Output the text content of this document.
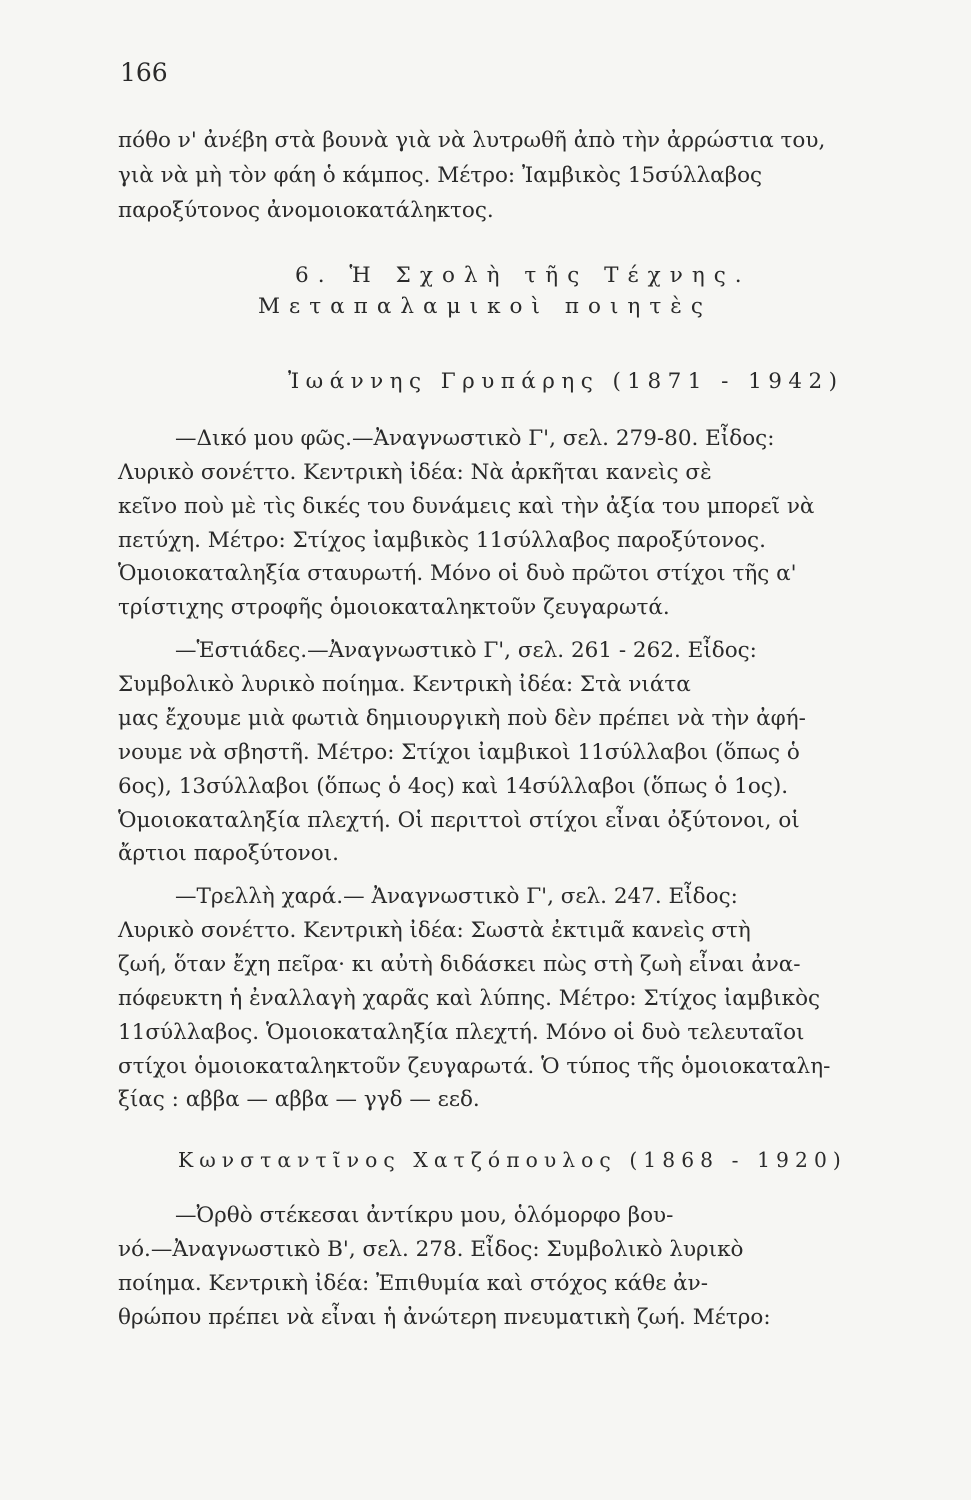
166
πόθο ν' ἀνέβη στὰ βουνὰ γιὰ νὰ λυτρωθῆ ἀπὸ τὴν ἀρρώστια του,
γιὰ νὰ μὴ τὸν φάη ὁ κάμπος. Μέτρο: Ἰαμβικὸς 15σύλλαβος
παροξύτονος ἀνομοιοκατάληκτος.
6. Ἡ Σχολὴ τῆς Τέχνης.
Μεταπαλαμικοὶ ποιητὲς
Ἰωάννης Γρυπάρης (1871 - 1942)
—Δικό μου φῶς.—Ἀναγνωστικὸ Γ', σελ. 279-80. Εἶδος:
Λυρικὸ σονέττο. Κεντρικὴ ἰδέα: Νὰ ἀρκῆται κανεὶς σὲ
κεῖνο ποὺ μὲ τὶς δικές του δυνάμεις καὶ τὴν ἀξία του μπορεῖ νὰ
πετύχη. Μέτρο: Στίχος ἰαμβικὸς 11σύλλαβος παροξύτονος.
Ὁμοιοκαταληξία σταυρωτή. Μόνο οἱ δυὸ πρῶτοι στίχοι τῆς α'
τρίστιχης στροφῆς ὁμοιοκαταληκτοῦν ζευγαρωτά.
—Ἑστιάδες.—Ἀναγνωστικὸ Γ', σελ. 261 - 262. Εἶδος:
Συμβολικὸ λυρικὸ ποίημα. Κεντρικὴ ἰδέα: Στὰ νιάτα
μας ἔχουμε μιὰ φωτιὰ δημιουργικὴ ποὺ δὲν πρέπει νὰ τὴν ἀφή-
νουμε νὰ σβηστῆ. Μέτρο: Στίχοι ἰαμβικοὶ 11σύλλαβοι (ὅπως ὁ
6ος), 13σύλλαβοι (ὅπως ὁ 4ος) καὶ 14σύλλαβοι (ὅπως ὁ 1ος).
Ὁμοιοκαταληξία πλεχτή. Οἱ περιττοὶ στίχοι εἶναι ὀξύτονοι, οἱ
ἄρτιοι παροξύτονοι.
—Τρελλὴ χαρά.— Ἀναγνωστικὸ Γ', σελ. 247. Εἶδος:
Λυρικὸ σονέττο. Κεντρικὴ ἰδέα: Σωστὰ ἐκτιμᾶ κανεὶς στὴ
ζωή, ὅταν ἔχη πεῖρα· κι αὐτὴ διδάσκει πὼς στὴ ζωὴ εἶναι ἀνα-
πόφευκτη ἡ ἐναλλαγὴ χαρᾶς καὶ λύπης. Μέτρο: Στίχος ἰαμβικὸς
11σύλλαβος. Ὁμοιοκαταληξία πλεχτή. Μόνο οἱ δυὸ τελευταῖοι
στίχοι ὁμοιοκαταληκτοῦν ζευγαρωτά. Ὁ τύπος τῆς ὁμοιοκαταλη-
ξίας : αββα — αββα — γγδ — εεδ.
Κωνσταντῖνος Χατζόπουλος (1868 - 1920)
—Ὀρθὸ στέκεσαι ἀντίκρυ μου, ὁλόμορφο βου-
νό.—Ἀναγνωστικὸ Β', σελ. 278. Εἶδος: Συμβολικὸ λυρικὸ
ποίημα. Κεντρικὴ ἰδέα: Ἐπιθυμία καὶ στόχος κάθε ἀν-
θρώπου πρέπει νὰ εἶναι ἡ ἀνώτερη πνευματικὴ ζωή. Μέτρο:
